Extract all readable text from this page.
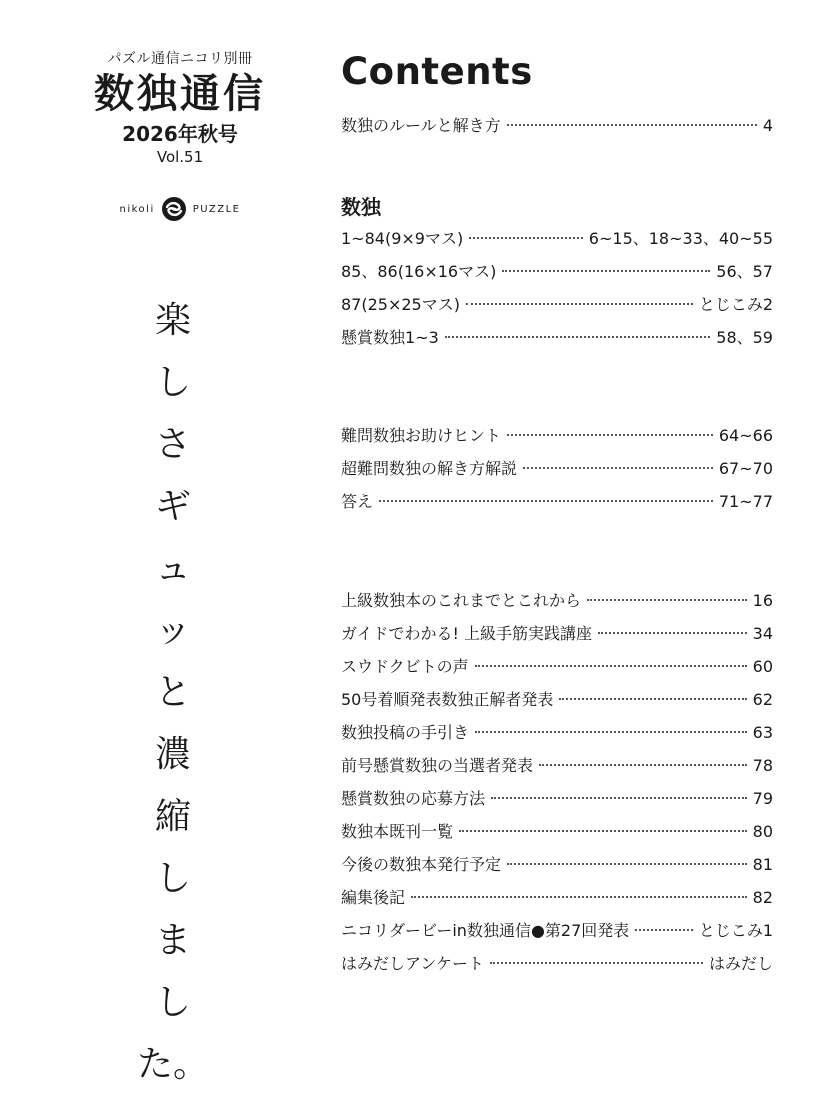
パズル通信ニコリ別冊
数独通信
2026年秋号
Vol.51
nikoli	PUZZLE
楽
し
さ
ギ
ュ
ッ
と
濃
縮
し
ま
し
た。
Contents
数独のルールと解き方	4
数独
1~84(9×9マス)	6~15、18~33、40~55
85、86(16×16マス)	56、57
87(25×25マス)	とじこみ2
懸賞数独1~3	58、59
難問数独お助けヒント	64~66
超難問数独の解き方解説	67~70
答え	71~77
上級数独本のこれまでとこれから	16
ガイドでわかる! 上級手筋実践講座	34
スウドクビトの声	60
50号着順発表数独正解者発表	62
数独投稿の手引き	63
前号懸賞数独の当選者発表	78
懸賞数独の応募方法	79
数独本既刊一覧	80
今後の数独本発行予定	81
編集後記	82
ニコリダービーin数独通信●第27回発表	とじこみ1
はみだしアンケート	はみだし
